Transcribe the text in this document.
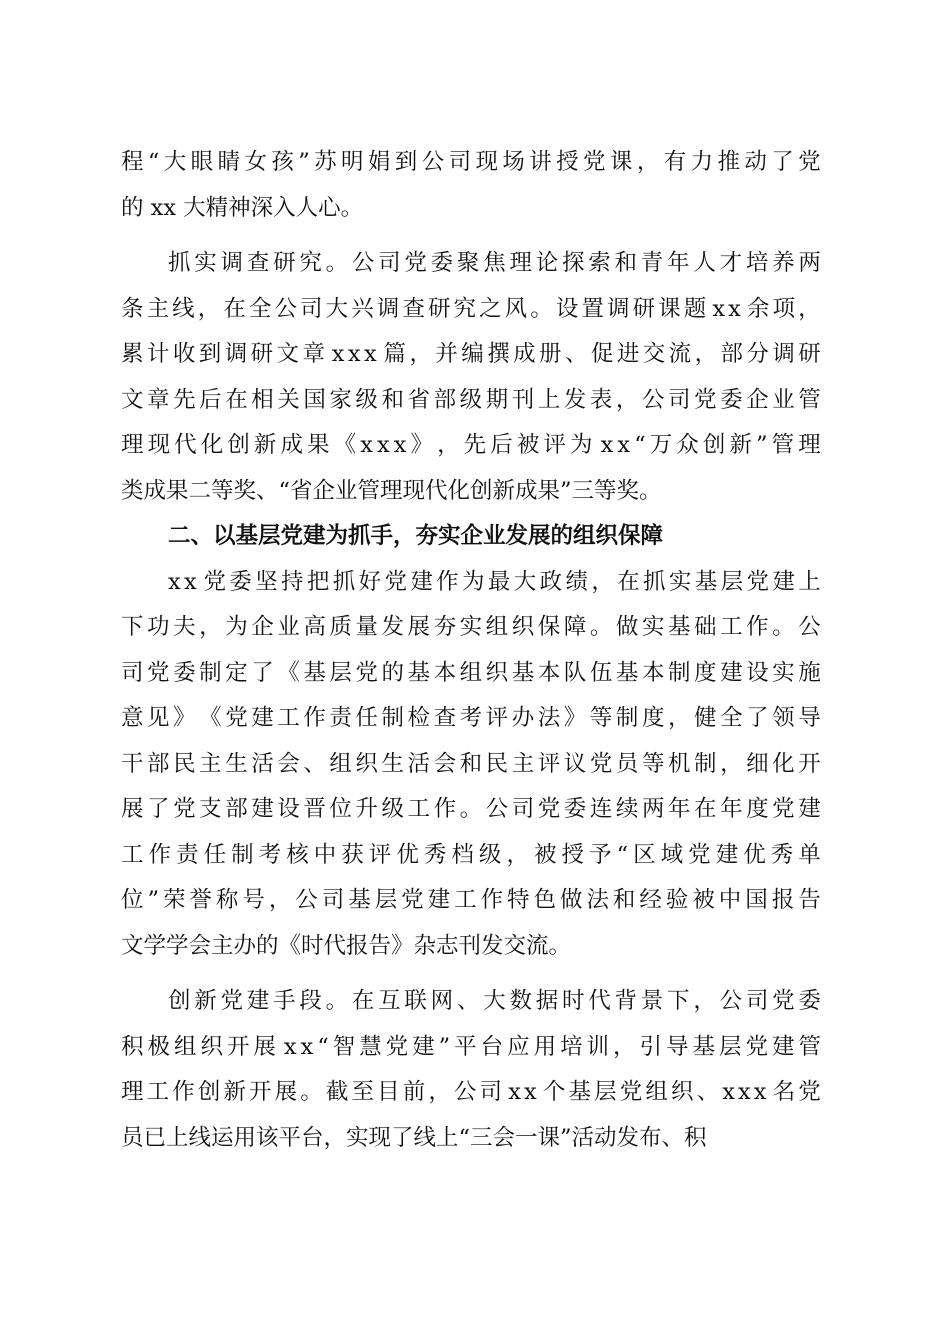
程 “ 大 眼 睛 女 孩 ” 苏 明 娟 到 公 司 现 场 讲 授 党 课 ， 有 力 推 动 了 党
的 xx 大精神深入人心。
抓 实 调 查 研 究 。 公 司 党 委 聚 焦 理 论 探 索 和 青 年 人 才 培 养 两
条 主 线 ， 在 全 公 司 大 兴 调 查 研 究 之 风 。 设 置 调 研 课 题 x x 余 项 ，
累 计 收 到 调 研 文 章 x x x 篇 ， 并 编 撰 成 册 、 促 进 交 流 ， 部 分 调 研
文 章 先 后 在 相 关 国 家 级 和 省 部 级 期 刊 上 发 表 ， 公 司 党 委 企 业 管
理 现 代 化 创 新 成 果 《 x x x 》 ， 先 后 被 评 为 x x “ 万 众 创 新 ” 管 理
类成果二等奖、“省企业管理现代化创新成果”三等奖。
二、以基层党建为抓手，夯实企业发展的组织保障
x x 党 委 坚 持 把 抓 好 党 建 作 为 最 大 政 绩 ， 在 抓 实 基 层 党 建 上
下 功 夫 ， 为 企 业 高 质 量 发 展 夯 实 组 织 保 障 。 做 实 基 础 工 作 。 公
司 党 委 制 定 了 《 基 层 党 的 基 本 组 织 基 本 队 伍 基 本 制 度 建 设 实 施
意 见 》 《 党 建 工 作 责 任 制 检 查 考 评 办 法 》 等 制 度 ， 健 全 了 领 导
干 部 民 主 生 活 会 、 组 织 生 活 会 和 民 主 评 议 党 员 等 机 制 ， 细 化 开
展 了 党 支 部 建 设 晋 位 升 级 工 作 。 公 司 党 委 连 续 两 年 在 年 度 党 建
工 作 责 任 制 考 核 中 获 评 优 秀 档 级 ， 被 授 予 “ 区 域 党 建 优 秀 单
位 ” 荣 誉 称 号 ， 公 司 基 层 党 建 工 作 特 色 做 法 和 经 验 被 中 国 报 告
文学学会主办的《时代报告》杂志刊发交流。
创 新 党 建 手 段 。 在 互 联 网 、 大 数 据 时 代 背 景 下 ， 公 司 党 委
积 极 组 织 开 展 x x “ 智 慧 党 建 ” 平 台 应 用 培 训 ， 引 导 基 层 党 建 管
理 工 作 创 新 开 展 。 截 至 目 前 ， 公 司 x x 个 基 层 党 组 织 、 x x x 名 党
员已上线运用该平台，实现了线上“三会一课”活动发布、积
